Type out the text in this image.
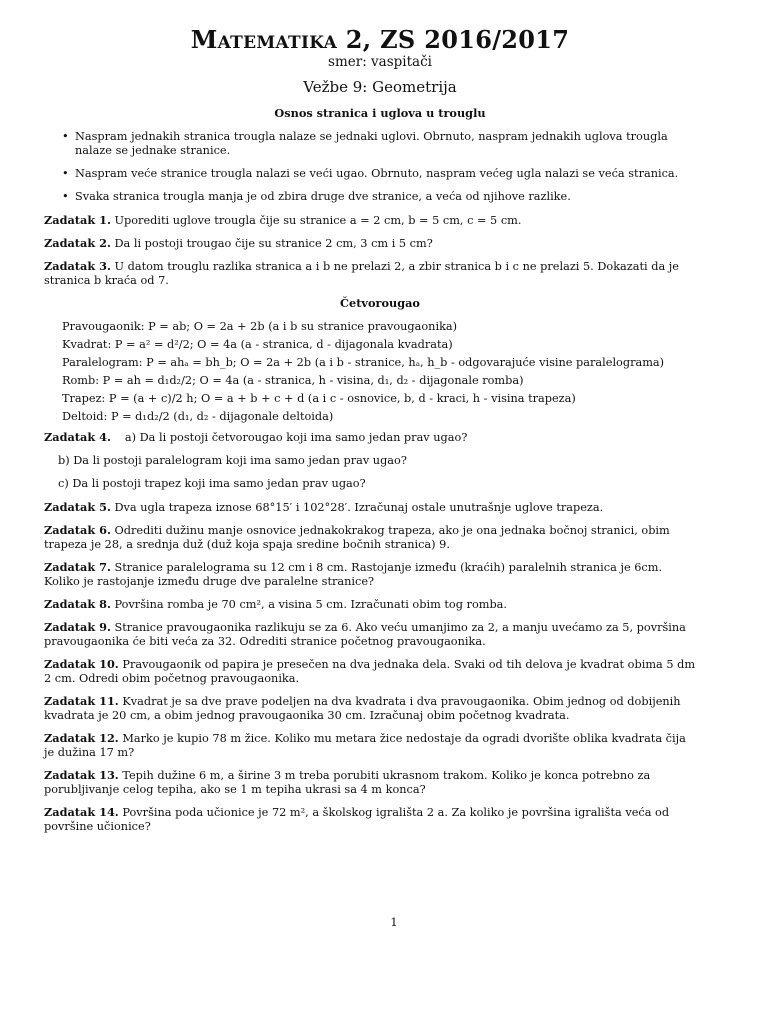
Matematika 2, ZS 2016/2017

smer: vaspitači

Vežbe 9: Geometrija

Osnos stranica i uglova u trouglu

• Naspram jednakih stranica trougla nalaze se jednaki uglovi. Obrnuto, naspram jednakih uglova trougla nalaze se jednake stranice.
• Naspram veće stranice trougla nalazi se veći ugao. Obrnuto, naspram većeg ugla nalazi se veća stranica.
• Svaka stranica trougla manja je od zbira druge dve stranice, a veća od njihove razlike.

Zadatak 1. Uporediti uglove trougla čije su stranice a = 2 cm, b = 5 cm, c = 5 cm.

Zadatak 2. Da li postoji trougao čije su stranice 2 cm, 3 cm i 5 cm?

Zadatak 3. U datom trouglu razlika stranica a i b ne prelazi 2, a zbir stranica b i c ne prelazi 5. Dokazati da je stranica b kraća od 7.

Četvorougao

Pravougaonik: P = ab; O = 2a + 2b (a i b su stranice pravougaonika)

Kvadrat: P = a² = d²/2; O = 4a (a - stranica, d - dijagonala kvadrata)

Paralelogram: P = ahₐ = bh_b; O = 2a + 2b (a i b - stranice, hₐ, h_b - odgovarajuće visine paralelograma)

Romb: P = ah = d₁d₂/2; O = 4a (a - stranica, h - visina, d₁, d₂ - dijagonale romba)

Trapez: P = (a + c)/2 h; O = a + b + c + d (a i c - osnovice, b, d - kraci, h - visina trapeza)

Deltoid: P = d₁d₂/2 (d₁, d₂ - dijagonale deltoida)

Zadatak 4. a) Da li postoji četvorougao koji ima samo jedan prav ugao?

b) Da li postoji paralelogram koji ima samo jedan prav ugao?

c) Da li postoji trapez koji ima samo jedan prav ugao?

Zadatak 5. Dva ugla trapeza iznose 68°15′ i 102°28′. Izračunaj ostale unutrašnje uglove trapeza.

Zadatak 6. Odrediti dužinu manje osnovice jednakokrakog trapeza, ako je ona jednaka bočnoj stranici, obim trapeza je 28, a srednja duž (duž koja spaja sredine bočnih stranica) 9.

Zadatak 7. Stranice paralelograma su 12 cm i 8 cm. Rastojanje između (kraćih) paralelnih stranica je 6cm. Koliko je rastojanje između druge dve paralelne stranice?

Zadatak 8. Površina romba je 70 cm², a visina 5 cm. Izračunati obim tog romba.

Zadatak 9. Stranice pravougaonika razlikuju se za 6. Ako veću umanjimo za 2, a manju uvećamo za 5, površina pravougaonika će biti veća za 32. Odrediti stranice početnog pravougaonika.

Zadatak 10. Pravougaonik od papira je presečen na dva jednaka dela. Svaki od tih delova je kvadrat obima 5 dm 2 cm. Odredi obim početnog pravougaonika.

Zadatak 11. Kvadrat je sa dve prave podeljen na dva kvadrata i dva pravougaonika. Obim jednog od dobijenih kvadrata je 20 cm, a obim jednog pravougaonika 30 cm. Izračunaj obim početnog kvadrata.

Zadatak 12. Marko je kupio 78 m žice. Koliko mu metara žice nedostaje da ogradi dvorište oblika kvadrata čija je dužina 17 m?

Zadatak 13. Tepih dužine 6 m, a širine 3 m treba porubiti ukrasnom trakom. Koliko je konca potrebno za porubljivanje celog tepiha, ako se 1 m tepiha ukrasi sa 4 m konca?

Zadatak 14. Površina poda učionice je 72 m², a školskog igrališta 2 a. Za koliko je površina igrališta veća od površine učionice?

1
